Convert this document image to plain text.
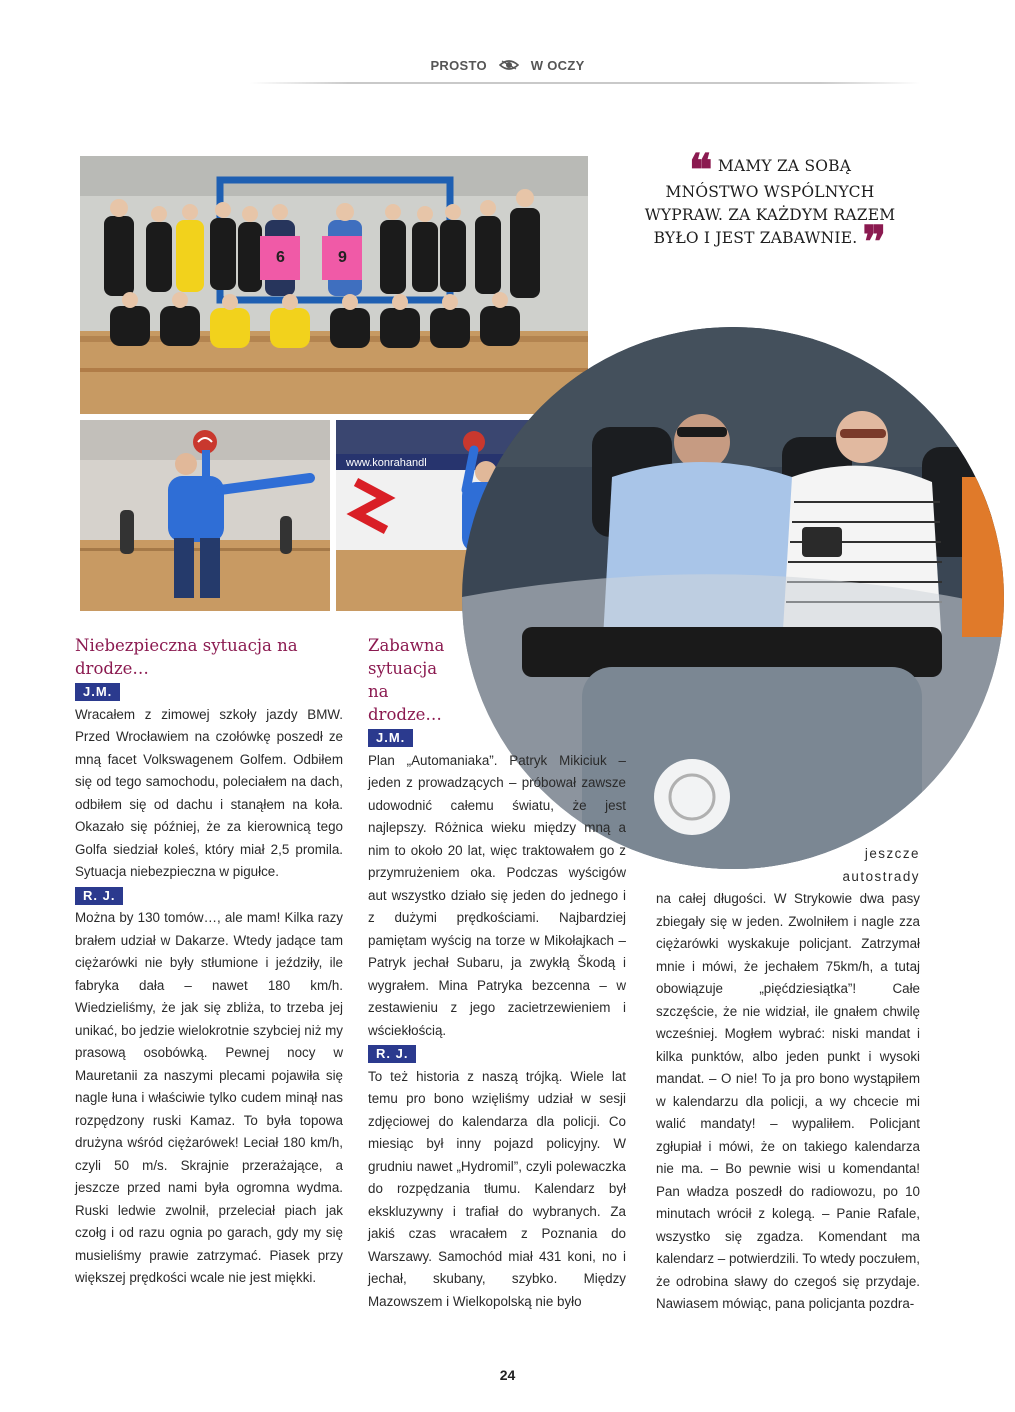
PROSTO	W OCZY
6	9
www.konrahandl
❝ MAMY ZA SOBĄ MNÓSTWO WSPÓLNYCH WYPRAW. ZA KAŻDYM RAZEM BYŁO I JEST ZABAWNIE. ❞
Niebezpieczna sytuacja na drodze…
J.M.

Wracałem z zimowej szkoły jazdy BMW. Przed Wrocławiem na czołówkę poszedł ze mną facet Volkswagenem Golfem. Odbiłem się od tego samochodu, poleciałem na dach, odbiłem się od dachu i stanąłem na koła. Okazało się później, że za kierownicą tego Golfa siedział koleś, który miał 2,5 promila. Sytuacja niebezpieczna w pigułce.

R. J.

Można by 130 tomów…, ale mam! Kilka razy brałem udział w Dakarze. Wtedy jadące tam ciężarówki nie były stłumione i jeździły, ile fabryka dała – nawet 180 km/h. Wiedzieliśmy, że jak się zbliża, to trzeba jej unikać, bo jedzie wielokrotnie szybciej niż my prasową osobówką. Pewnej nocy w Mauretanii za naszymi plecami pojawiła się nagle łuna i właściwie tylko cudem minął nas rozpędzony ruski Kamaz. To była topowa drużyna wśród ciężarówek! Leciał 180 km/h, czyli 50 m/s. Skrajnie przerażające, a jeszcze przed nami była ogromna wydma. Ruski ledwie zwolnił, przeleciał piach jak czołg i od razu ognia po garach, gdy my się musieliśmy prawie zatrzymać. Piasek przy większej prędkości wcale nie jest miękki.

Zabawna sytuacja na drodze…
J.M.

Plan „Automaniaka”. Patryk Mikiciuk – jeden z prowadzących – próbował zawsze udowodnić całemu światu, że jest najlepszy. Różnica wieku między mną a nim to około 20 lat, więc traktowałem go z przymrużeniem oka. Podczas wyścigów aut wszystko działo się jeden do jednego i z dużymi prędkościami. Najbardziej pamiętam wyścig na torze w Mikołajkach – Patryk jechał Subaru, ja zwykłą Škodą i wygrałem. Mina Patryka bezcenna – w zestawieniu z jego zacietrzewieniem i wściekłością.

R. J.

To też historia z naszą trójką. Wiele lat temu pro bono wzięliśmy udział w sesji zdjęciowej do kalendarza dla policji. Co miesiąc był inny pojazd policyjny. W grudniu nawet „Hydromil”, czyli polewaczka do rozpędzania tłumu. Kalendarz był ekskluzywny i trafiał do wybranych. Za jakiś czas wracałem z Poznania do Warszawy. Samochód miał 431 koni, no i jechał, skubany, szybko. Między Mazowszem i Wielkopolską nie było

jeszcze

autostrady

na całej długości. W Strykowie dwa pasy zbiegały się w jeden. Zwolniłem i nagle zza ciężarówki wyskakuje policjant. Zatrzymał mnie i mówi, że jechałem 75km/h, a tutaj obowiązuje „pięćdziesiątka”! Całe szczęście, że nie widział, ile gnałem chwilę wcześniej. Mogłem wybrać: niski mandat i kilka punktów, albo jeden punkt i wysoki mandat. – O nie! To ja pro bono wystąpiłem w kalendarzu dla policji, a wy chcecie mi walić mandaty! – wypaliłem. Policjant zgłupiał i mówi, że on takiego kalendarza nie ma. – Bo pewnie wisi u komendanta! Pan władza poszedł do radiowozu, po 10 minutach wrócił z kolegą. – Panie Rafale, wszystko się zgadza. Komendant ma kalendarz – potwierdzili. To wtedy poczułem, że odrobina sławy do czegoś się przydaje. Nawiasem mówiąc, pana policjanta pozdra-

24
